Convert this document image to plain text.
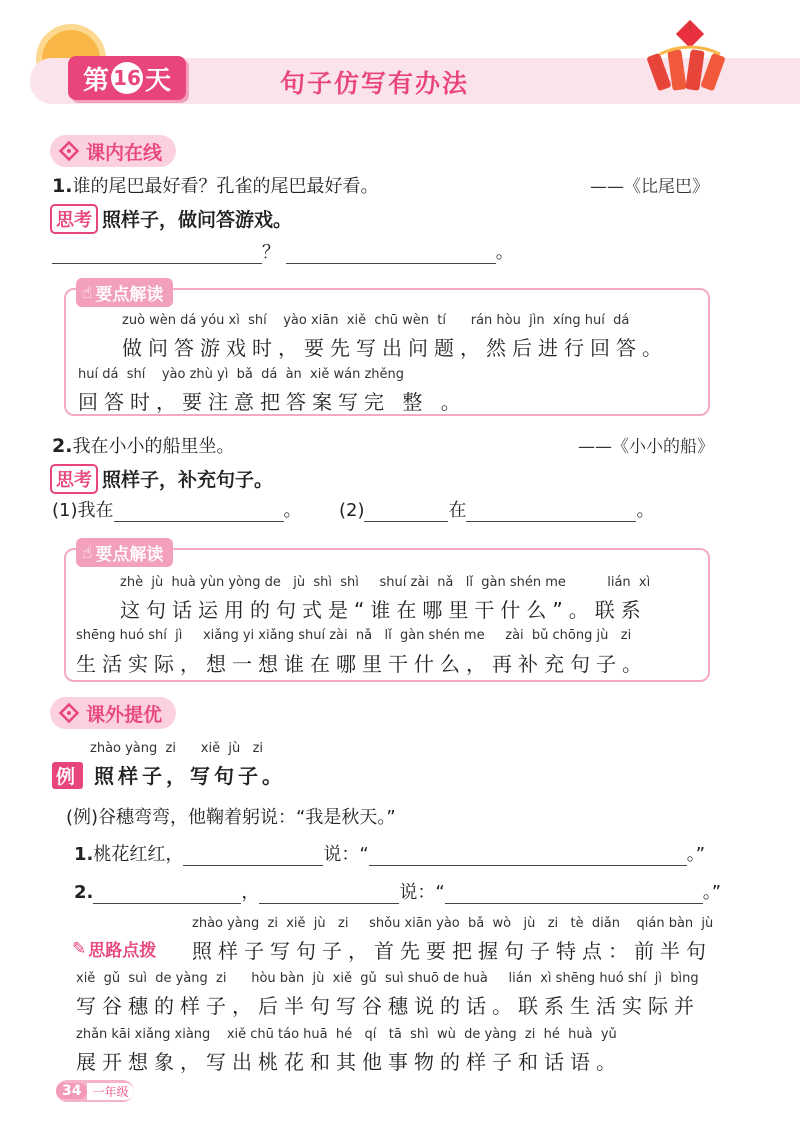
第 16 天	句子仿写有办法
课内在线
1.谁的尾巴最好看？孔雀的尾巴最好看。	——《比尾巴》
思考 照样子，做问答游戏。
？	。
☝ 要点解读
zuò wèn dá yóu xì  shí    yào xiān  xiě  chū wèn  tí      rán hòu  jìn  xíng huí  dá
做问答游戏时，要先写出问题，然后进行回答。
huí dá  shí    yào zhù yì  bǎ  dá  àn  xiě wán zhěng
回答时，要注意把答案写完 整 。
2.我在小小的船里坐。	——《小小的船》
思考 照样子，补充句子。
(1)我在	。 (2)	在	。
☝ 要点解读
zhè  jù  huà yùn yòng de   jù  shì  shì     shuí zài  nǎ   lǐ  gàn shén me          lián  xì
这句话运用的句式是“谁在哪里干什么”。联系
shēng huó shí  jì     xiǎng yi xiǎng shuí zài  nǎ   lǐ  gàn shén me     zài  bǔ chōng jù   zi
生活实际，想一想谁在哪里干什么，再补充句子。
课外提优
zhào yàng  zi      xiě  jù   zi
例 照样子，写句子。
(例)谷穗弯弯，他鞠着躬说：“我是秋天。”
1.桃花红红，	说：“	。”
2.	，	说：“	。”
✎ 思路点拨
zhào yàng  zi  xiě  jù   zi     shǒu xiān yào  bǎ  wò   jù   zi   tè  diǎn    qián bàn  jù
照样子写句子，首先要把握句子特点：前半句
xiě  gǔ  suì  de yàng  zi      hòu bàn  jù  xiě  gǔ  suì shuō de huà     lián  xì shēng huó shí  jì  bìng
写谷穗的样子，后半句写谷穗说的话。联系生活实际并
zhǎn kāi xiǎng xiàng    xiě chū táo huā  hé   qí   tā  shì  wù  de yàng  zi  hé  huà  yǔ
展开想象，写出桃花和其他事物的样子和话语。
34 一年级
